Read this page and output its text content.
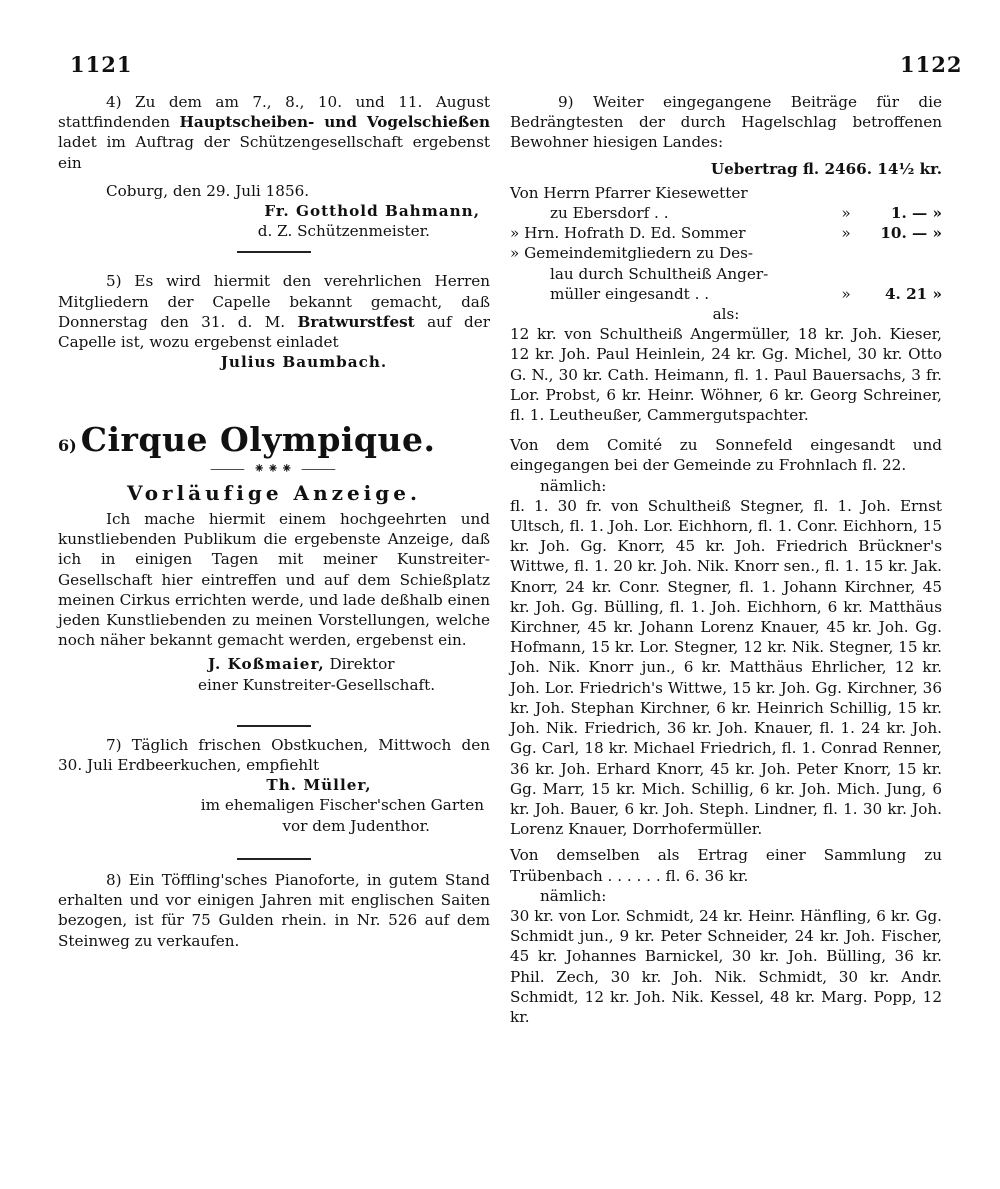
1121	1122

4) Zu dem am 7., 8., 10. und 11. August stattfindenden Hauptscheiben- und Vogelschießen ladet im Auftrag der Schützengesellschaft ergebenst ein

Coburg, den 29. Juli 1856.

Fr. Gotthold Bahmann,

d. Z. Schützenmeister.

5) Es wird hiermit den verehrlichen Herren Mitgliedern der Capelle bekannt gemacht, daß Donnerstag den 31. d. M. Bratwurstfest auf der Capelle ist, wozu ergebenst einladet

Julius Baumbach.

6) Cirque Olympique.
⸻ ⁕⁕⁕ ⸻
Vorläufige Anzeige.

Ich mache hiermit einem hochgeehrten und kunstliebenden Publikum die ergebenste Anzeige, daß ich in einigen Tagen mit meiner Kunstreiter-Gesellschaft hier eintreffen und auf dem Schießplatz meinen Cirkus errichten werde, und lade deßhalb einen jeden Kunstliebenden zu meinen Vorstellungen, welche noch näher bekannt gemacht werden, ergebenst ein.

J. Koßmaier, Direktor

einer Kunstreiter-Gesellschaft.

7) Täglich frischen Obstkuchen, Mittwoch den 30. Juli Erdbeerkuchen, empfiehlt

Th. Müller,

im ehemaligen Fischer'schen Garten

vor dem Judenthor.

8) Ein Töffling'sches Pianoforte, in gutem Stand erhalten und vor einigen Jahren mit englischen Saiten bezogen, ist für 75 Gulden rhein. in Nr. 526 auf dem Steinweg zu verkaufen.

9) Weiter eingegangene Beiträge für die Bedrängtesten der durch Hagelschlag betroffenen Bewohner hiesigen Landes:

Uebertrag fl. 2466. 14½ kr.

Von Herrn Pfarrer Kiesewetter
zu Ebersdorf . .	»	1. — »
» Hrn. Hofrath D. Ed. Sommer	»	10. — »
» Gemeindemitgliedern zu Des-
lau durch Schultheiß Anger-
müller eingesandt . .	»	4. 21 »

als:

12 kr. von Schultheiß Angermüller, 18 kr. Joh. Kieser, 12 kr. Joh. Paul Heinlein, 24 kr. Gg. Michel, 30 kr. Otto G. N., 30 kr. Cath. Heimann, fl. 1. Paul Bauersachs, 3 fr. Lor. Probst, 6 kr. Heinr. Wöhner, 6 kr. Georg Schreiner, fl. 1. Leutheußer, Cammergutspachter.

Von dem Comité zu Sonnefeld eingesandt und eingegangen bei der Gemeinde zu Frohnlach fl. 22.

nämlich:

fl. 1. 30 fr. von Schultheiß Stegner, fl. 1. Joh. Ernst Ultsch, fl. 1. Joh. Lor. Eichhorn, fl. 1. Conr. Eichhorn, 15 kr. Joh. Gg. Knorr, 45 kr. Joh. Friedrich Brückner's Wittwe, fl. 1. 20 kr. Joh. Nik. Knorr sen., fl. 1. 15 kr. Jak. Knorr, 24 kr. Conr. Stegner, fl. 1. Johann Kirchner, 45 kr. Joh. Gg. Bülling, fl. 1. Joh. Eichhorn, 6 kr. Matthäus Kirchner, 45 kr. Johann Lorenz Knauer, 45 kr. Joh. Gg. Hofmann, 15 kr. Lor. Stegner, 12 kr. Nik. Stegner, 15 kr. Joh. Nik. Knorr jun., 6 kr. Matthäus Ehrlicher, 12 kr. Joh. Lor. Friedrich's Wittwe, 15 kr. Joh. Gg. Kirchner, 36 kr. Joh. Stephan Kirchner, 6 kr. Heinrich Schillig, 15 kr. Joh. Nik. Friedrich, 36 kr. Joh. Knauer, fl. 1. 24 kr. Joh. Gg. Carl, 18 kr. Michael Friedrich, fl. 1. Conrad Renner, 36 kr. Joh. Erhard Knorr, 45 kr. Joh. Peter Knorr, 15 kr. Gg. Marr, 15 kr. Mich. Schillig, 6 kr. Joh. Mich. Jung, 6 kr. Joh. Bauer, 6 kr. Joh. Steph. Lindner, fl. 1. 30 kr. Joh. Lorenz Knauer, Dorrhofermüller.

Von demselben als Ertrag einer Sammlung zu Trübenbach . . . . . . fl. 6. 36 kr.

nämlich:

30 kr. von Lor. Schmidt, 24 kr. Heinr. Hänfling, 6 kr. Gg. Schmidt jun., 9 kr. Peter Schneider, 24 kr. Joh. Fischer, 45 kr. Johannes Barnickel, 30 kr. Joh. Bülling, 36 kr. Phil. Zech, 30 kr. Joh. Nik. Schmidt, 30 kr. Andr. Schmidt, 12 kr. Joh. Nik. Kessel, 48 kr. Marg. Popp, 12 kr.
